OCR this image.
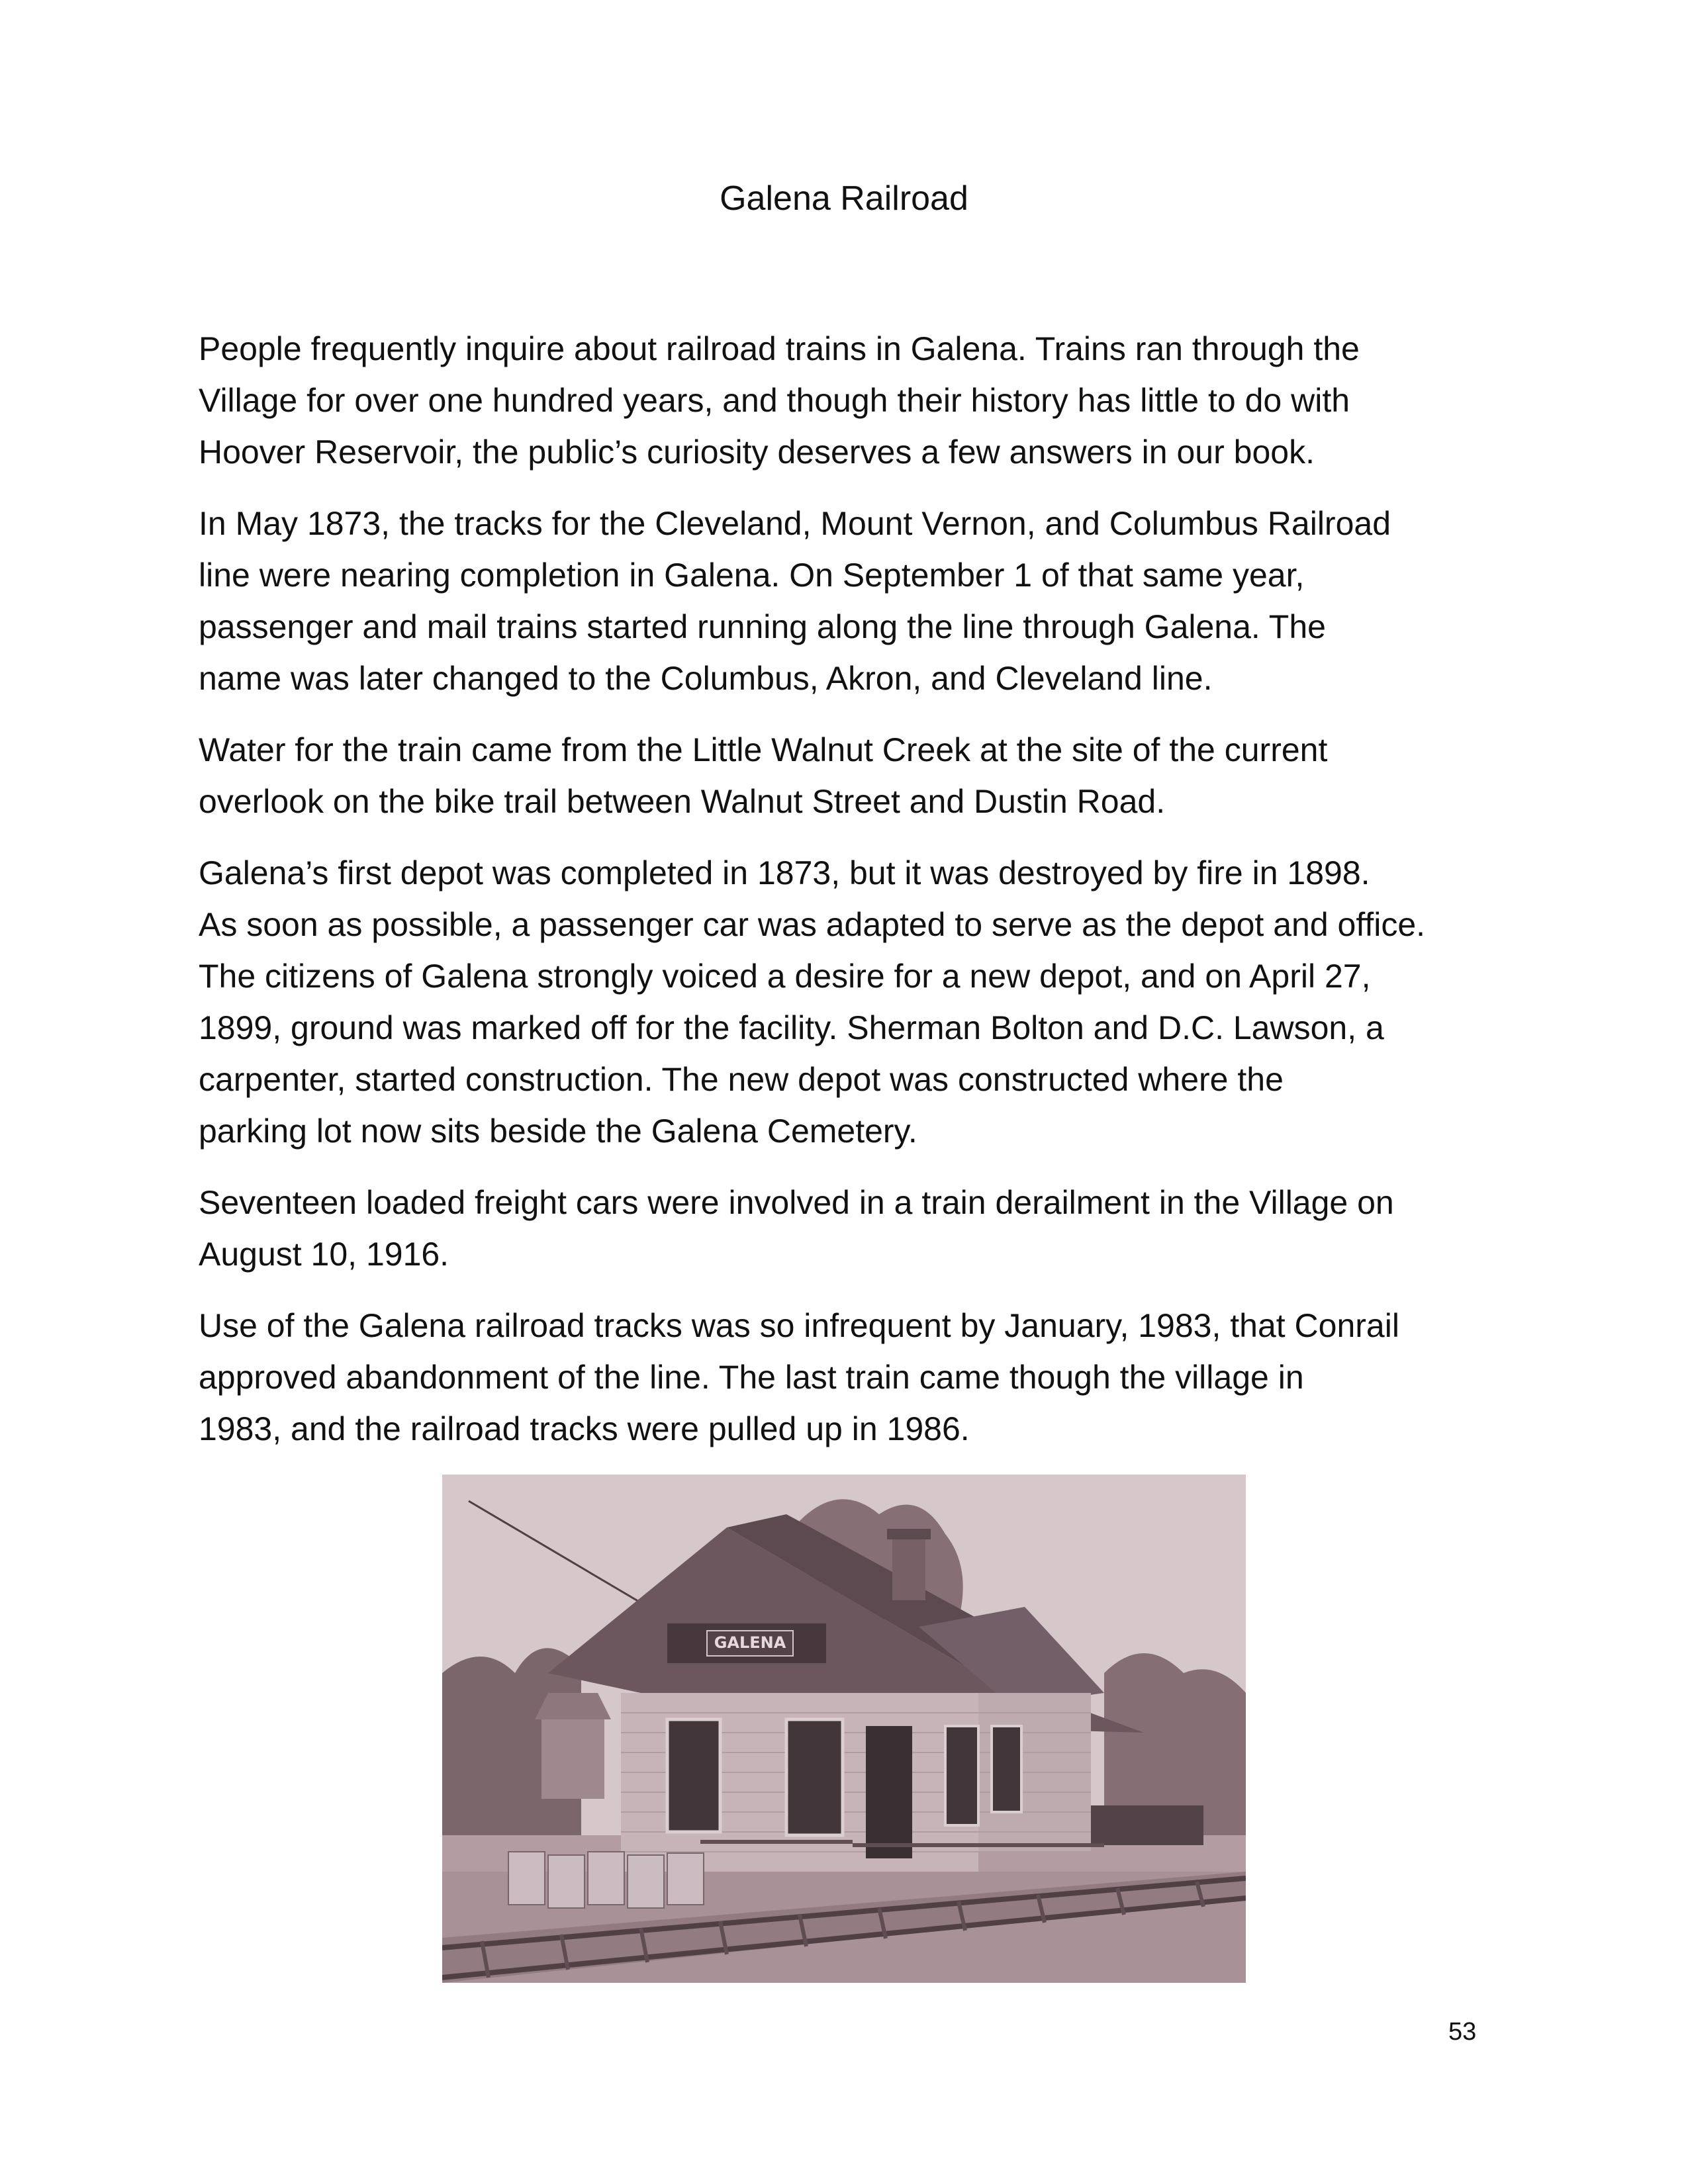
Galena Railroad

People frequently inquire about railroad trains in Galena. Trains ran through the
Village for over one hundred years, and though their history has little to do with
Hoover Reservoir, the public’s curiosity deserves a few answers in our book.

In May 1873, the tracks for the Cleveland, Mount Vernon, and Columbus Railroad
line were nearing completion in Galena. On September 1 of that same year,
passenger and mail trains started running along the line through Galena. The
name was later changed to the Columbus, Akron, and Cleveland line.

Water for the train came from the Little Walnut Creek at the site of the current
overlook on the bike trail between Walnut Street and Dustin Road.

Galena’s first depot was completed in 1873, but it was destroyed by fire in 1898.
As soon as possible, a passenger car was adapted to serve as the depot and office.
The citizens of Galena strongly voiced a desire for a new depot, and on April 27,
1899, ground was marked off for the facility. Sherman Bolton and D.C. Lawson, a
carpenter, started construction. The new depot was constructed where the
parking lot now sits beside the Galena Cemetery.

Seventeen loaded freight cars were involved in a train derailment in the Village on
August 10, 1916.

Use of the Galena railroad tracks was so infrequent by January, 1983, that Conrail
approved abandonment of the line. The last train came though the village in
1983, and the railroad tracks were pulled up in 1986.

GALENA
53
